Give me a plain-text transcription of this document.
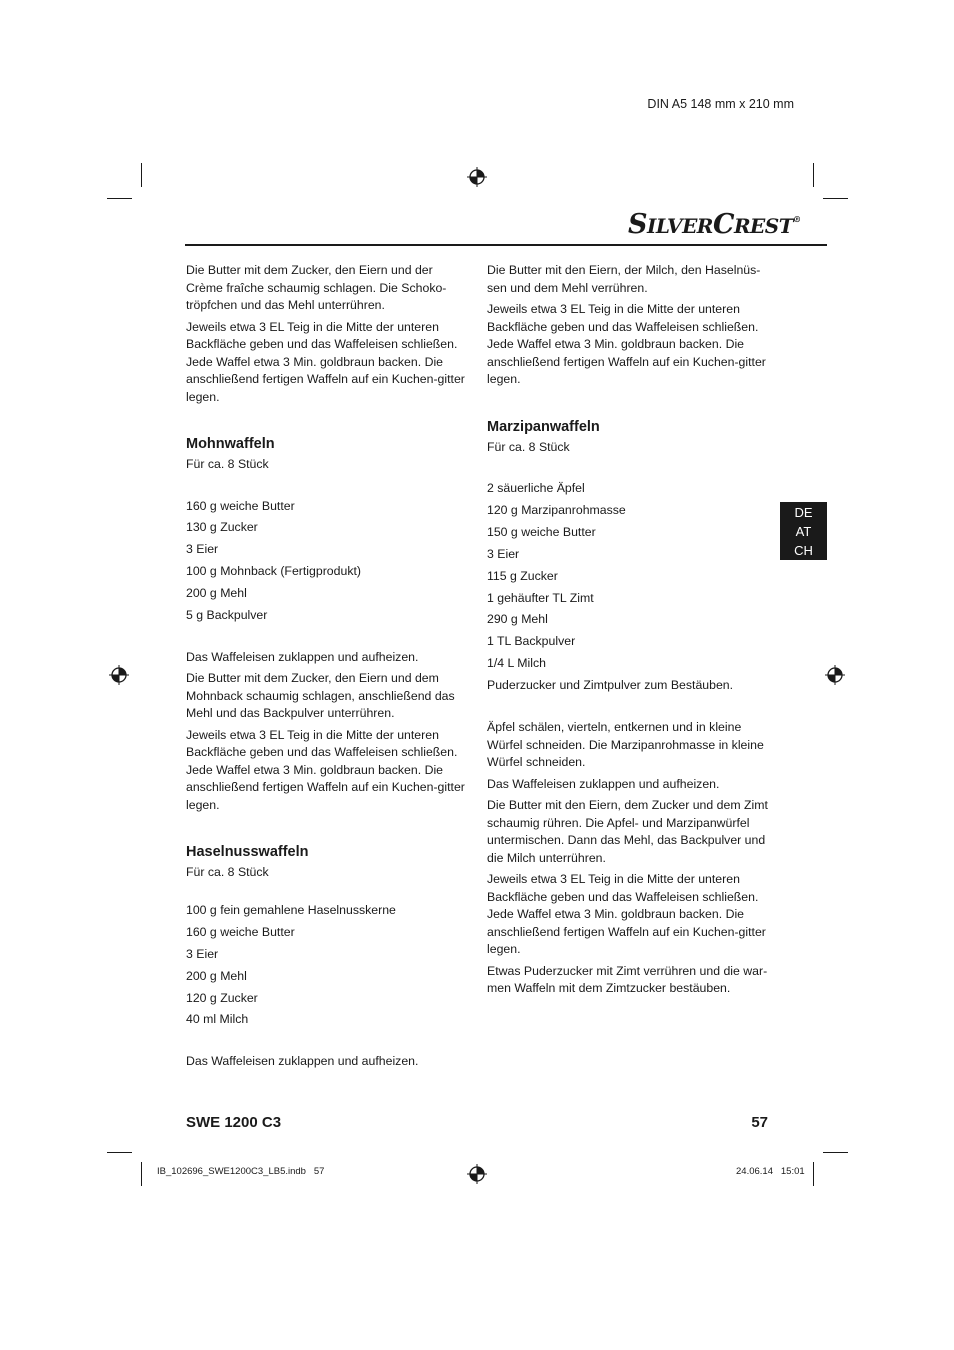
DIN A5 148 mm x 210 mm
SILVERCREST®

Die Butter mit dem Zucker, den Eiern und der Crème fraîche schaumig schlagen. Die Schoko-tröpfchen und das Mehl unterrühren.

Jeweils etwa 3 EL Teig in die Mitte der unteren Backfläche geben und das Waffeleisen schließen. Jede Waffel etwa 3 Min. goldbraun backen. Die anschließend fertigen Waffeln auf ein Kuchen-gitter legen.

Mohnwaffeln

Für ca. 8 Stück

160 g weiche Butter

130 g Zucker

3 Eier

100 g Mohnback (Fertigprodukt)

200 g Mehl

5 g Backpulver

Das Waffeleisen zuklappen und aufheizen.

Die Butter mit dem Zucker, den Eiern und dem Mohnback schaumig schlagen, anschließend das Mehl und das Backpulver unterrühren.

Jeweils etwa 3 EL Teig in die Mitte der unteren Backfläche geben und das Waffeleisen schließen. Jede Waffel etwa 3 Min. goldbraun backen. Die anschließend fertigen Waffeln auf ein Kuchen-gitter legen.

Haselnusswaffeln

Für ca. 8 Stück

100 g fein gemahlene Haselnusskerne

160 g weiche Butter

3 Eier

200 g Mehl

120 g Zucker

40 ml Milch

Das Waffeleisen zuklappen und aufheizen.

Die Butter mit den Eiern, der Milch, den Haselnüs-sen und dem Mehl verrühren.

Jeweils etwa 3 EL Teig in die Mitte der unteren Backfläche geben und das Waffeleisen schließen. Jede Waffel etwa 3 Min. goldbraun backen. Die anschließend fertigen Waffeln auf ein Kuchen-gitter legen.

Marzipanwaffeln

Für ca. 8 Stück

2 säuerliche Äpfel

120 g Marzipanrohmasse

150 g weiche Butter

3 Eier

115 g Zucker

1 gehäufter TL Zimt

290 g Mehl

1 TL Backpulver

1/4 L Milch

Puderzucker und Zimtpulver zum Bestäuben.

Äpfel schälen, vierteln, entkernen und in kleine Würfel schneiden. Die Marzipanrohmasse in kleine Würfel schneiden.

Das Waffeleisen zuklappen und aufheizen.

Die Butter mit den Eiern, dem Zucker und dem Zimt schaumig rühren. Die Apfel- und Marzipanwürfel untermischen. Dann das Mehl, das Backpulver und die Milch unterrühren.

Jeweils etwa 3 EL Teig in die Mitte der unteren Backfläche geben und das Waffeleisen schließen. Jede Waffel etwa 3 Min. goldbraun backen. Die anschließend fertigen Waffeln auf ein Kuchen-gitter legen.

Etwas Puderzucker mit Zimt verrühren und die war-men Waffeln mit dem Zimtzucker bestäuben.

DE
AT
CH
SWE 1200 C3	57
IB_102696_SWE1200C3_LB5.indb   57	24.06.14   15:01
